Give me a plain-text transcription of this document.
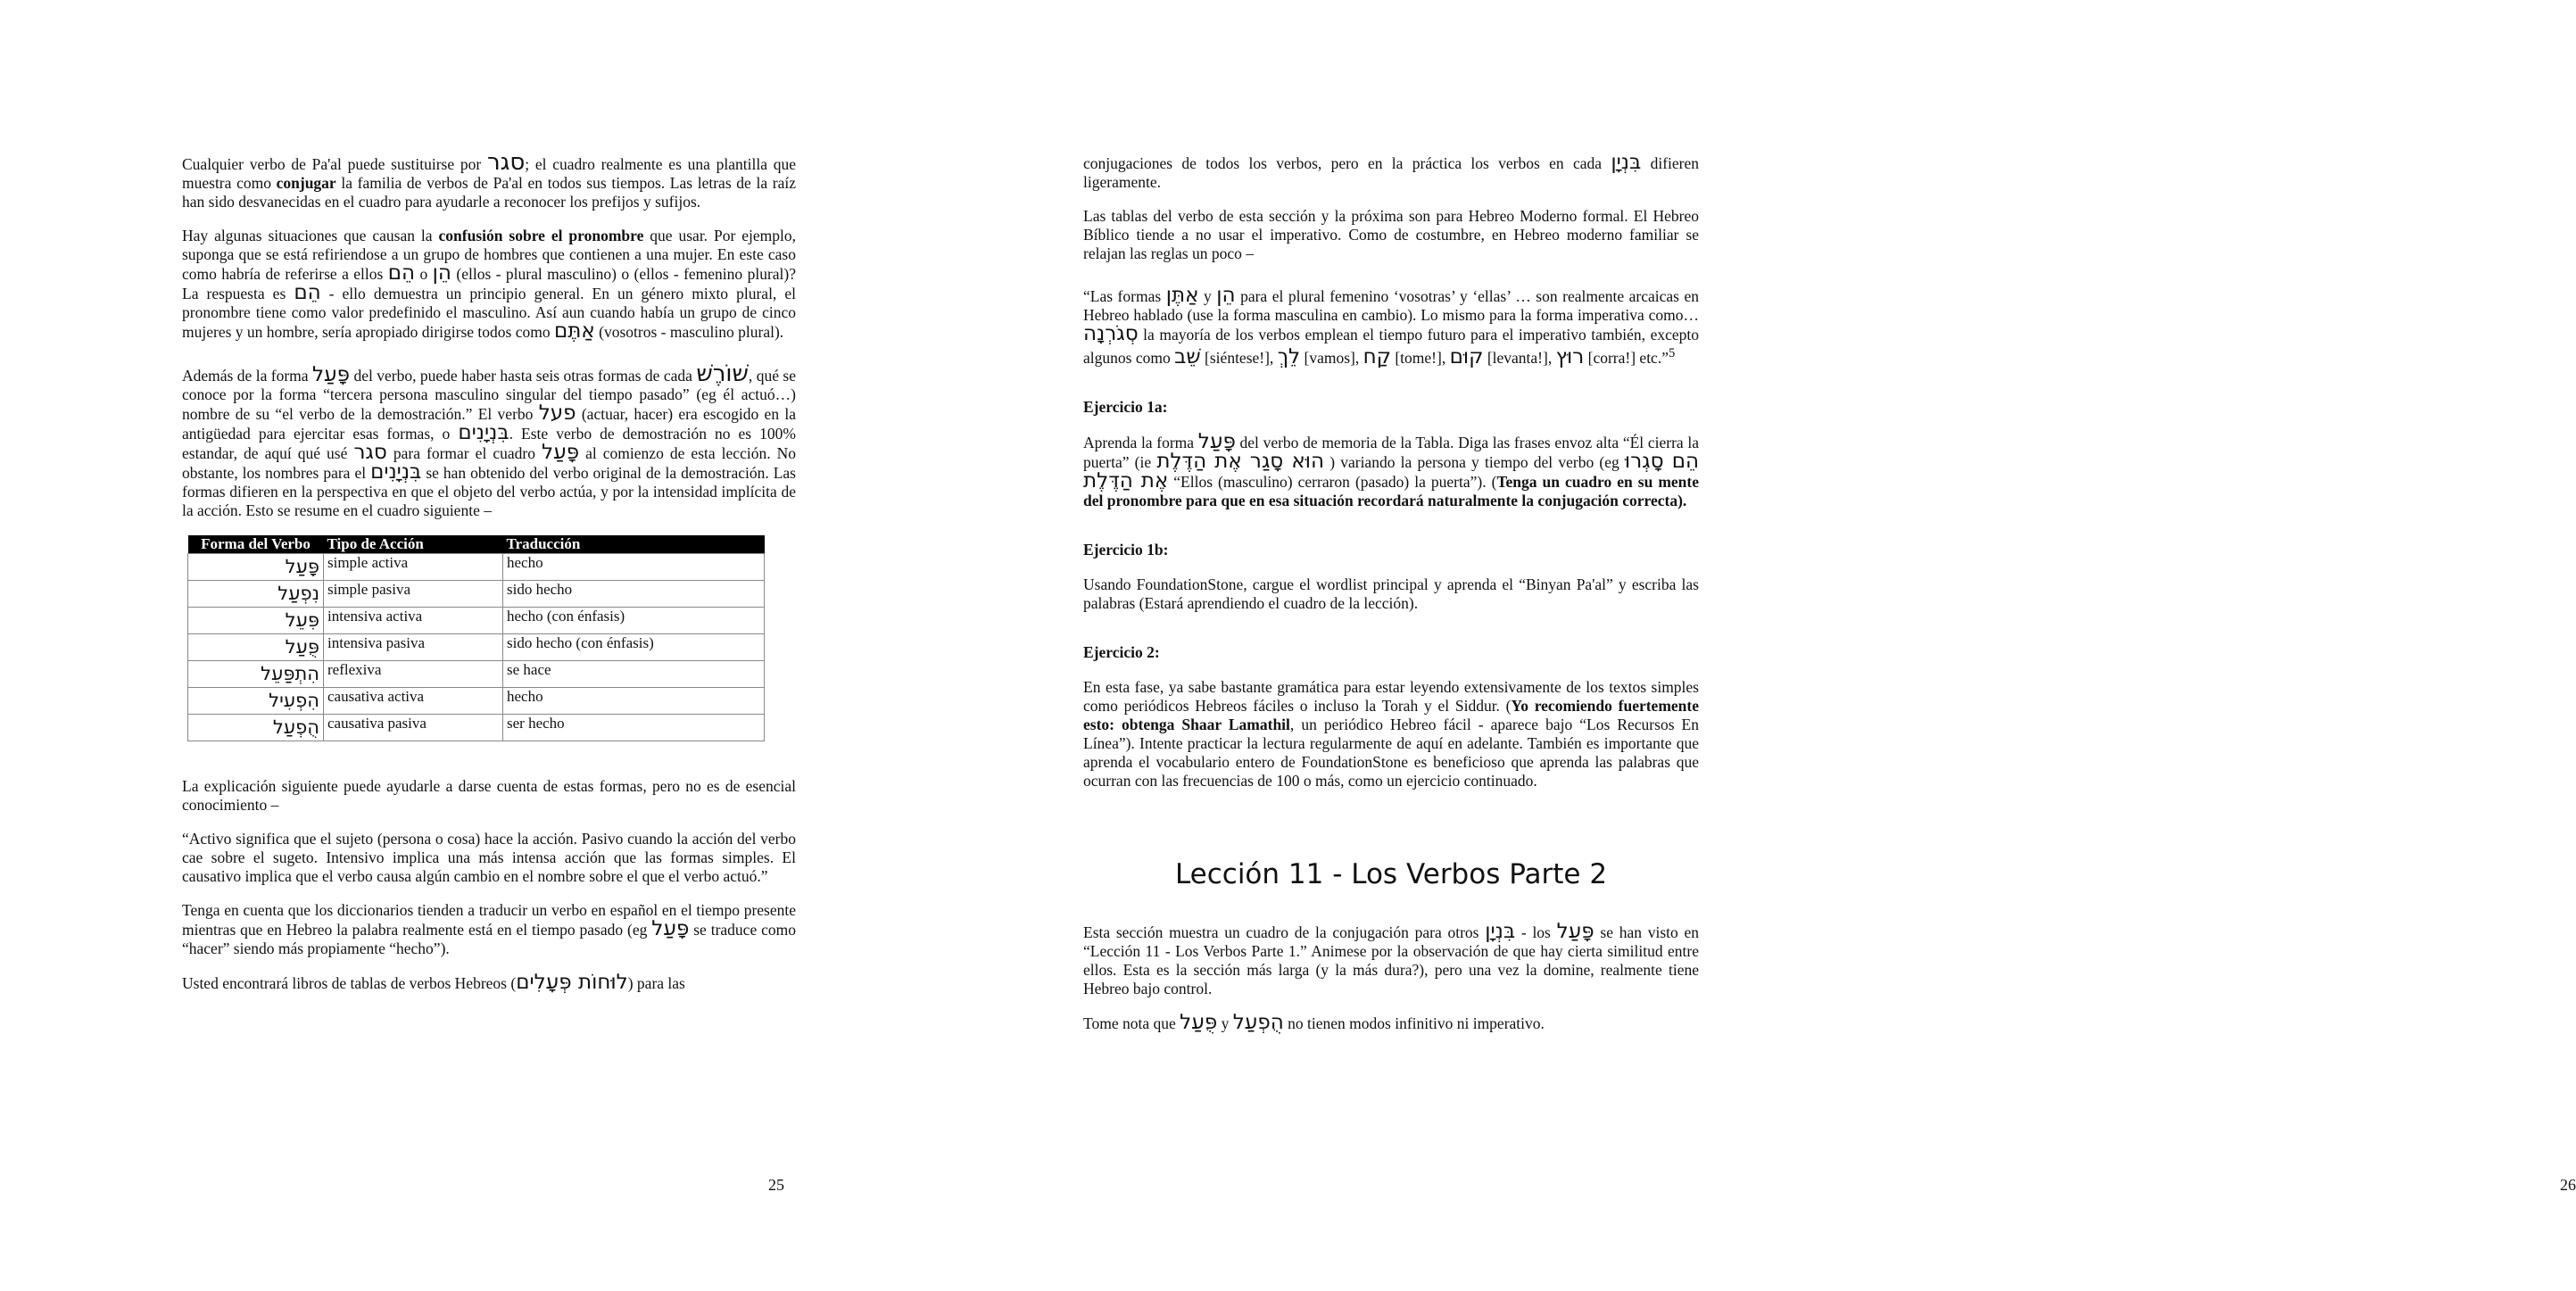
Cualquier verbo de Pa'al puede sustituirse por סגר; el cuadro realmente es una plantilla que muestra como conjugar la familia de verbos de Pa'al en todos sus tiempos. Las letras de la raíz han sido desvanecidas en el cuadro para ayudarle a reconocer los prefijos y sufijos.

Hay algunas situaciones que causan la confusión sobre el pronombre que usar. Por ejemplo, suponga que se está refiriendose a un grupo de hombres que contienen a una mujer. En este caso como habría de referirse a ellos הֵם o הֵן (ellos - plural masculino) o (ellos - femenino plural)? La respuesta es הֵם - ello demuestra un principio general. En un género mixto plural, el pronombre tiene como valor predefinido el masculino. Así aun cuando había un grupo de cinco mujeres y un hombre, sería apropiado dirigirse todos como אַתֶּם (vosotros - masculino plural).

Además de la forma פָּעַל del verbo, puede haber hasta seis otras formas de cada שׁוֹרֶשׁ, qué se conoce por la forma “tercera persona masculino singular del tiempo pasado” (eg él actuó…) nombre de su “el verbo de la demostración.” El verbo פעל (actuar, hacer) era escogido en la antigüedad para ejercitar esas formas, o בִּנְיָנִים. Este verbo de demostración no es 100% estandar, de aquí qué usé סגר para formar el cuadro פָּעַל al comienzo de esta lección. No obstante, los nombres para el בִּנְיָנִים se han obtenido del verbo original de la demostración. Las formas difieren en la perspectiva en que el objeto del verbo actúa, y por la intensidad implícita de la acción. Esto se resume en el cuadro siguiente –

Forma del Verbo	Tipo de Acción	Traducción
פָּעַל	simple activa	hecho
נִפְעַל	simple pasiva	sido hecho
פִּעֵל	intensiva activa	hecho (con énfasis)
פֻּעַל	intensiva pasiva	sido hecho (con énfasis)
הִתְפַּעֵל	reflexiva	se hace
הִפְעִיל	causativa activa	hecho
הֻפְעַל	causativa pasiva	ser hecho

La explicación siguiente puede ayudarle a darse cuenta de estas formas, pero no es de esencial conocimiento –

“Activo significa que el sujeto (persona o cosa) hace la acción. Pasivo cuando la acción del verbo cae sobre el sugeto. Intensivo implica una más intensa acción que las formas simples. El causativo implica que el verbo causa algún cambio en el nombre sobre el que el verbo actuó.”

Tenga en cuenta que los diccionarios tienden a traducir un verbo en español en el tiempo presente mientras que en Hebreo la palabra realmente está en el tiempo pasado (eg פָּעַל se traduce como “hacer” siendo más propiamente “hecho”).

Usted encontrará libros de tablas de verbos Hebreos (לוּחוֹת פְּעָלִים) para las

25

conjugaciones de todos los verbos, pero en la práctica los verbos en cada בִּנְיָן difieren ligeramente.

Las tablas del verbo de esta sección y la próxima son para Hebreo Moderno formal. El Hebreo Bíblico tiende a no usar el imperativo. Como de costumbre, en Hebreo moderno familiar se relajan las reglas un poco –

“Las formas אַתֶּן y הֵן para el plural femenino ‘vosotras’ y ‘ellas’ … son realmente arcaicas en Hebreo hablado (use la forma masculina en cambio). Lo mismo para la forma imperativa como… סְגֹרְנָה la mayoría de los verbos emplean el tiempo futuro para el imperativo también, excepto algunos como שֵׁב [siéntese!], לֵךְ [vamos], קַח [tome!], קוּם [levanta!], רוּץ [corra!] etc.”$^5$

Ejercicio 1a:

Aprenda la forma פָּעַל del verbo de memoria de la Tabla. Diga las frases envoz alta “Él cierra la puerta” (ie הוּא סָגַר אֶת הַדֶּלֶת ) variando la persona y tiempo del verbo (eg הֵם סָגְרוּ אֶת הַדֶּלֶת “Ellos (masculino) cerraron (pasado) la puerta”). (Tenga un cuadro en su mente del pronombre para que en esa situación recordará naturalmente la conjugación correcta).

Ejercicio 1b:

Usando FoundationStone, cargue el wordlist principal y aprenda el “Binyan Pa'al” y escriba las palabras (Estará aprendiendo el cuadro de la lección).

Ejercicio 2:

En esta fase, ya sabe bastante gramática para estar leyendo extensivamente de los textos simples como periódicos Hebreos fáciles o incluso la Torah y el Siddur. (Yo recomiendo fuertemente esto: obtenga Shaar Lamathil, un periódico Hebreo fácil - aparece bajo “Los Recursos En Línea”). Intente practicar la lectura regularmente de aquí en adelante. También es importante que aprenda el vocabulario entero de FoundationStone es beneficioso que aprenda las palabras que ocurran con las frecuencias de 100 o más, como un ejercicio continuado.

Lección 11 - Los Verbos Parte 2

Esta sección muestra un cuadro de la conjugación para otros בִּנְיָן - los פָּעַל se han visto en “Lección 11 - Los Verbos Parte 1.” Animese por la observación de que hay cierta similitud entre ellos. Esta es la sección más larga (y la más dura?), pero una vez la domine, realmente tiene Hebreo bajo control.

Tome nota que פֻּעַל y הֻפְעַל no tienen modos infinitivo ni imperativo.

26
